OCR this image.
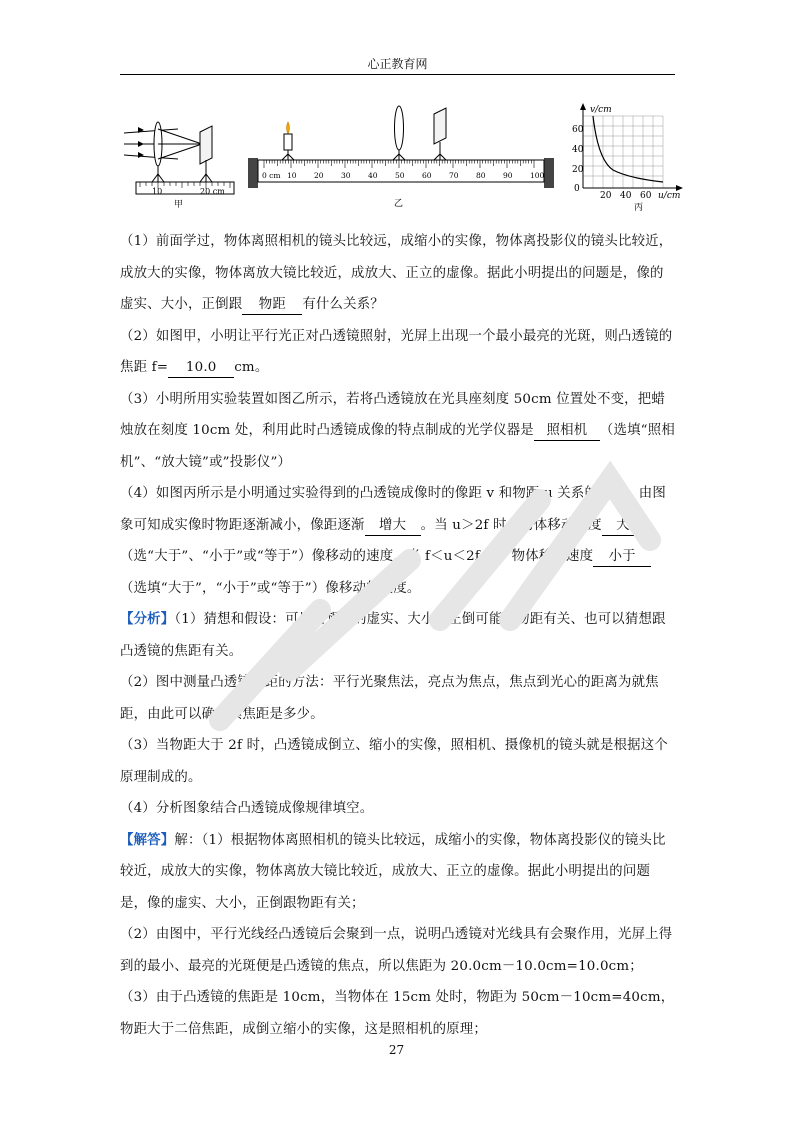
心正教育网
10	20 cm
甲
0 cm 10 20 30 40 50 60 70 80 90 100
乙
v/cm
60
40
20
0
20 40 60 u/cm
丙

（1）前面学过，物体离照相机的镜头比较远，成缩小的实像，物体离投影仪的镜头比较近，成放大的实像，物体离放大镜比较近，成放大、正立的虚像。据此小明提出的问题是，像的虚实、大小，正倒跟 物距 有什么关系？

（2）如图甲，小明让平行光正对凸透镜照射，光屏上出现一个最小最亮的光斑，则凸透镜的焦距 f= 10.0 cm。

（3）小明所用实验装置如图乙所示，若将凸透镜放在光具座刻度 50cm 位置处不变，把蜡烛放在刻度 10cm 处，利用此时凸透镜成像的特点制成的光学仪器是 照相机 （选填“照相机”、“放大镜”或”投影仪”）

（4）如图丙所示是小明通过实验得到的凸透镜成像时的像距 v 和物距 u 关系的图象，由图象可知成实像时物距逐渐减小，像距逐渐 增大 。当 u＞2f 时，物体移动速度 大于（选“大于”、“小于”或“等于”）像移动的速度，当 f＜u＜2f 时，物体移动速度 小于（选填“大于”，“小于”或“等于”）像移动的速度。

【分析】（1）猜想和假设：可以猜想像的虚实、大小，正倒可能与物距有关、也可以猜想跟凸透镜的焦距有关。

（2）图中测量凸透镜焦距的方法：平行光聚焦法，亮点为焦点，焦点到光心的距离为就焦距，由此可以确定其焦距是多少。

（3）当物距大于 2f 时，凸透镜成倒立、缩小的实像，照相机、摄像机的镜头就是根据这个原理制成的。

（4）分析图象结合凸透镜成像规律填空。

【解答】解：（1）根据物体离照相机的镜头比较远，成缩小的实像，物体离投影仪的镜头比较近，成放大的实像，物体离放大镜比较近，成放大、正立的虚像。据此小明提出的问题是，像的虚实、大小，正倒跟物距有关；

（2）由图中，平行光线经凸透镜后会聚到一点，说明凸透镜对光线具有会聚作用，光屏上得到的最小、最亮的光斑便是凸透镜的焦点，所以焦距为 20.0cm－10.0cm=10.0cm；

（3）由于凸透镜的焦距是 10cm，当物体在 15cm 处时，物距为 50cm－10cm=40cm，物距大于二倍焦距，成倒立缩小的实像，这是照相机的原理；

27
